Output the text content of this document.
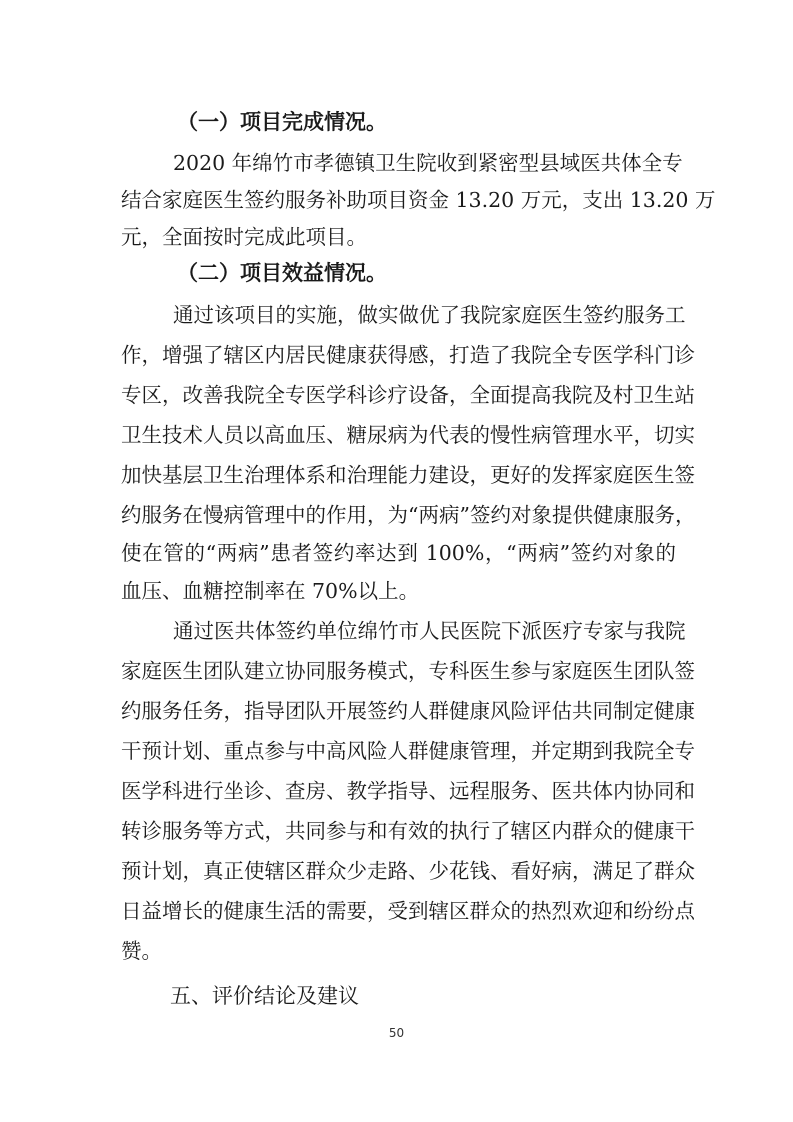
（一）项目完成情况。
2020 年绵竹市孝德镇卫生院收到紧密型县域医共体全专
结合家庭医生签约服务补助项目资金 13.20 万元，支出 13.20 万
元，全面按时完成此项目。
（二）项目效益情况。
通过该项目的实施，做实做优了我院家庭医生签约服务工
作，增强了辖区内居民健康获得感，打造了我院全专医学科门诊
专区，改善我院全专医学科诊疗设备，全面提高我院及村卫生站
卫生技术人员以高血压、糖尿病为代表的慢性病管理水平，切实
加快基层卫生治理体系和治理能力建设，更好的发挥家庭医生签
约服务在慢病管理中的作用，为“两病”签约对象提供健康服务，
使在管的“两病”患者签约率达到 100%，“两病”签约对象的
血压、血糖控制率在 70%以上。
通过医共体签约单位绵竹市人民医院下派医疗专家与我院
家庭医生团队建立协同服务模式，专科医生参与家庭医生团队签
约服务任务，指导团队开展签约人群健康风险评估共同制定健康
干预计划、重点参与中高风险人群健康管理，并定期到我院全专
医学科进行坐诊、查房、教学指导、远程服务、医共体内协同和
转诊服务等方式，共同参与和有效的执行了辖区内群众的健康干
预计划，真正使辖区群众少走路、少花钱、看好病，满足了群众
日益增长的健康生活的需要，受到辖区群众的热烈欢迎和纷纷点
赞。
五、评价结论及建议
50
